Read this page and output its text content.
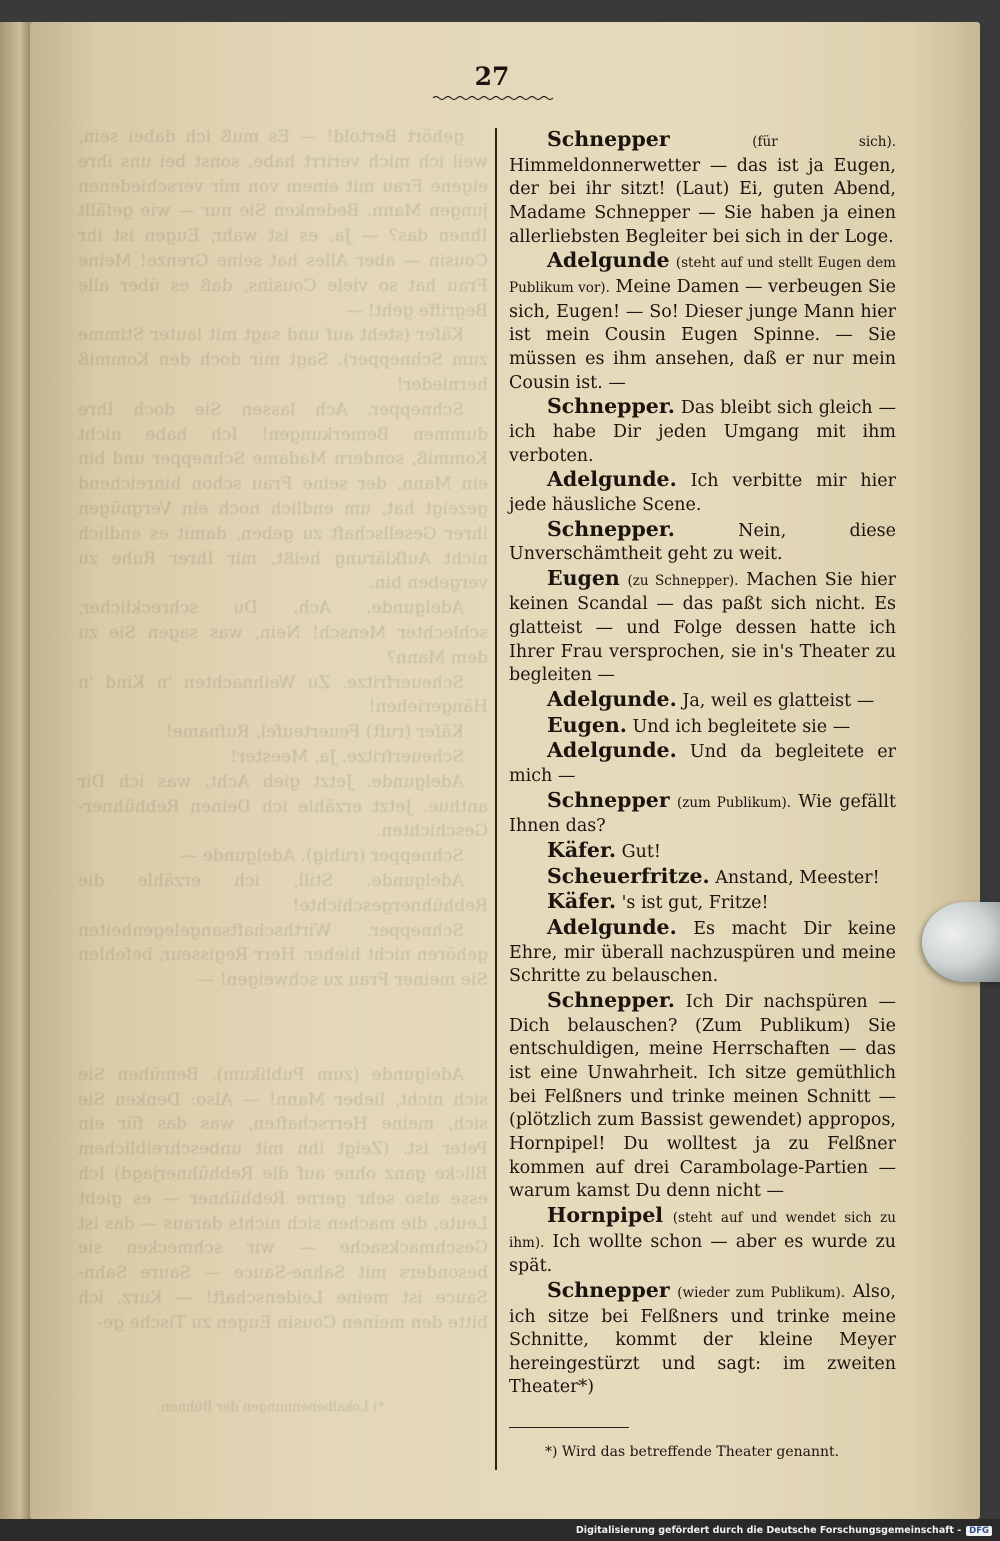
gehört Bertold! — Es muß ich dabei sein, weil ich mich verirrt habe, sonst bei uns ihre eigene Frau mit einem von mir verschiedenen jungen Mann. Bedenken Sie nur — wie gefällt Ihnen das? — Ja, es ist wahr, Eugen ist ihr Cousin — aber Alles hat seine Grenze! Meine Frau hat so viele Cousins, daß es über alle Begriffe geht! —

Käfer (steht auf und sagt mit lauter Stimme zum Schnepper). Sagt mir doch den Kommiß hernieder!

Schnepper. Ach lassen Sie doch Ihre dummen Bemerkungen! Ich habe nicht Kommiß, sondern Madame Schnepper und bin ein Mann, der seine Frau schon hinreichend gezeigt hat, um endlich noch ein Vergnügen ihrer Gesellschaft zu geben, damit es endlich nicht Aufklärung heißt, mir Ihrer Ruhe zu vergeben bin.

Adelgunde. Ach, Du schrecklicher, schlechter Mensch! Nein, was sagen Sie zu dem Mann?

Scheuerfritze. Zu Weihnachten 'n Kind 'n Hängeriehen!

Käfer (ruft) Feuerteufel, Rufname!

Scheuerfritze. Ja, Meester!

Adelgunde. Jetzt gieb Acht, was ich Dir anthue. Jetzt erzähle ich Deinen Rebhühner-Geschichten.

Schnepper (ruhig). Adelgunde —

Adelgunde. Still, ich erzähle die Rebhühnergeschichte!

Schnepper. Wirthschaftsangelegenheiten gehören nicht hieher. Herr Regisseur, befehlen Sie meiner Frau zu schweigen! —

Adelgunde (zum Publikum). Bemühen Sie sich nicht, lieber Mann! — Also: Denken Sie sich, meine Herrschaften, was das für ein Peter ist. (Zeigt ihn mit unbeschreiblichem Blicke ganz ohne auf die Rebhühnerjagd) Ich esse also sehr gerne Rebhühner — es giebt Leute, die machen sich nichts daraus — das ist Geschmacksache — wir schmecken sie besonders mit Sahne-Sauce — Saure Sahn-Sauce ist meine Leidenschaft! — Kurz, ich bitte den meinen Cousin Eugen zu Tische ge-

*) Lokalbenennungen der Bühnen.

27

Schnepper	(für sich). Himmeldonnerwetter — das ist ja Eugen, der bei ihr sitzt! (Laut) Ei, guten Abend, Madame Schnepper — Sie haben ja einen allerliebsten Begleiter bei sich in der Loge.

Adelgunde (steht auf und stellt Eugen dem Publikum vor). Meine Damen — verbeugen Sie sich, Eugen! — So! Dieser junge Mann hier ist mein Cousin Eugen Spinne. — Sie müssen es ihm ansehen, daß er nur mein Cousin ist. —

Schnepper. Das bleibt sich gleich — ich habe Dir jeden Umgang mit ihm verboten.

Adelgunde. Ich verbitte mir hier jede häusliche Scene.

Schnepper.	Nein, diese Unverschämtheit geht zu weit.

Eugen (zu Schnepper). Machen Sie hier keinen Scandal — das paßt sich nicht. Es glatteist — und Folge dessen hatte ich Ihrer Frau versprochen, sie in's Theater zu begleiten —

Adelgunde. Ja, weil es glatteist —

Eugen. Und ich begleitete sie —

Adelgunde. Und da begleitete er mich —

Schnepper (zum Publikum). Wie gefällt Ihnen das?

Käfer. Gut!

Scheuerfritze. Anstand, Meester!

Käfer. 's ist gut, Fritze!

Adelgunde. Es macht Dir keine Ehre, mir überall nachzuspüren und meine Schritte zu belauschen.

Schnepper. Ich Dir nachspüren — Dich belauschen? (Zum Publikum) Sie entschuldigen, meine Herrschaften — das ist eine Unwahrheit. Ich sitze gemüthlich bei Felßners und trinke meinen Schnitt — (plötzlich zum Bassist gewendet) appropos, Hornpipel! Du wolltest ja zu Felßner kommen auf drei Carambolage-Partien — warum kamst Du denn nicht —

Hornpipel (steht auf und wendet sich zu ihm). Ich wollte schon — aber es wurde zu spät.

Schnepper (wieder zum Publikum). Also, ich sitze bei Felßners und trinke meine Schnitte, kommt der kleine Meyer hereingestürzt und sagt: im zweiten Theater*)

*) Wird das betreffende Theater genannt.
Digitalisierung gefördert durch die Deutsche Forschungsgemeinschaft - DFG
